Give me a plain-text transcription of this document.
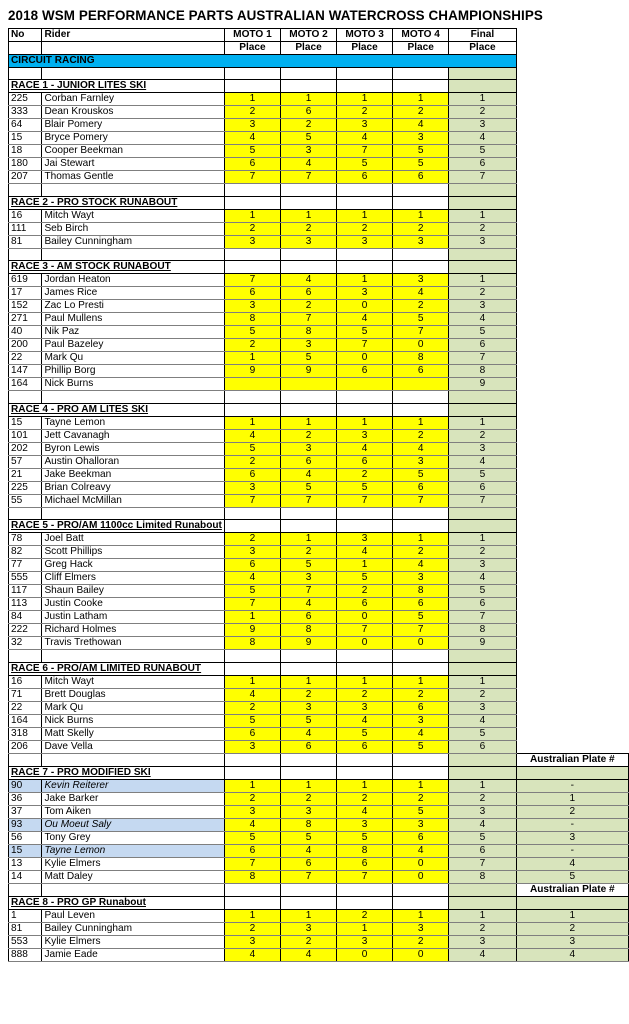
2018 WSM PERFORMANCE PARTS AUSTRALIAN WATERCROSS CHAMPIONSHIPS
No	Rider	MOTO 1	MOTO 2	MOTO 3	MOTO 4	Final	
		Place	Place	Place	Place	Place	
CIRCUIT RACING							

RACE 1 - JUNIOR LITES SKI							
225	Corban Farnley	1	1	1	1	1	
333	Dean Krouskos	2	6	2	2	2	
64	Blair Pomery	3	2	3	4	3	
15	Bryce Pomery	4	5	4	3	4	
18	Cooper Beekman	5	3	7	5	5	
180	Jai Stewart	6	4	5	5	6	
207	Thomas Gentle	7	7	6	6	7	

RACE 2 - PRO STOCK RUNABOUT							
16	Mitch Wayt	1	1	1	1	1	
111	Seb Birch	2	2	2	2	2	
81	Bailey Cunningham	3	3	3	3	3	

RACE 3 - AM STOCK RUNABOUT							
619	Jordan Heaton	7	4	1	3	1	
17	James Rice	6	6	3	4	2	
152	Zac Lo Presti	3	2	0	2	3	
271	Paul Mullens	8	7	4	5	4	
40	Nik Paz	5	8	5	7	5	
200	Paul Bazeley	2	3	7	0	6	
22	Mark Qu	1	5	0	8	7	
147	Phillip Borg	9	9	6	6	8	
164	Nick Burns					9	

RACE 4 - PRO AM LITES SKI							
15	Tayne Lemon	1	1	1	1	1	
101	Jett Cavanagh	4	2	3	2	2	
202	Byron Lewis	5	3	4	4	3	
57	Austin Ohalloran	2	6	6	3	4	
21	Jake Beekman	6	4	2	5	5	
225	Brian Colreavy	3	5	5	6	6	
55	Michael McMillan	7	7	7	7	7	

RACE 5 - PRO/AM 1100cc Limited Runabout							
78	Joel Batt	2	1	3	1	1	
82	Scott Phillips	3	2	4	2	2	
77	Greg Hack	6	5	1	4	3	
555	Cliff Elmers	4	3	5	3	4	
117	Shaun Bailey	5	7	2	8	5	
113	Justin Cooke	7	4	6	6	6	
84	Justin Latham	1	6	0	5	7	
222	Richard Holmes	9	8	7	7	8	
32	Travis Trethowan	8	9	0	0	9	

RACE 6 - PRO/AM LIMITED RUNABOUT							
16	Mitch Wayt	1	1	1	1	1	
71	Brett Douglas	4	2	2	2	2	
22	Mark Qu	2	3	3	6	3	
164	Nick Burns	5	5	4	3	4	
318	Matt Skelly	6	4	5	4	5	
206	Dave Vella	3	6	6	5	6	
							Australian Plate #
RACE 7 - PRO MODIFIED SKI							
90	Kevin Reiterer	1	1	1	1	1	-
36	Jake Barker	2	2	2	2	2	1
37	Tom Aiken	3	3	4	5	3	2
93	Ou Moeut Saly	4	8	3	3	4	-
56	Tony Grey	5	5	5	6	5	3
15	Tayne Lemon	6	4	8	4	6	-
13	Kylie Elmers	7	6	6	0	7	4
14	Matt Daley	8	7	7	0	8	5
							Australian Plate #
RACE 8 - PRO GP Runabout							
1	Paul Leven	1	1	2	1	1	1
81	Bailey Cunningham	2	3	1	3	2	2
553	Kylie Elmers	3	2	3	2	3	3
888	Jamie Eade	4	4	0	0	4	4
